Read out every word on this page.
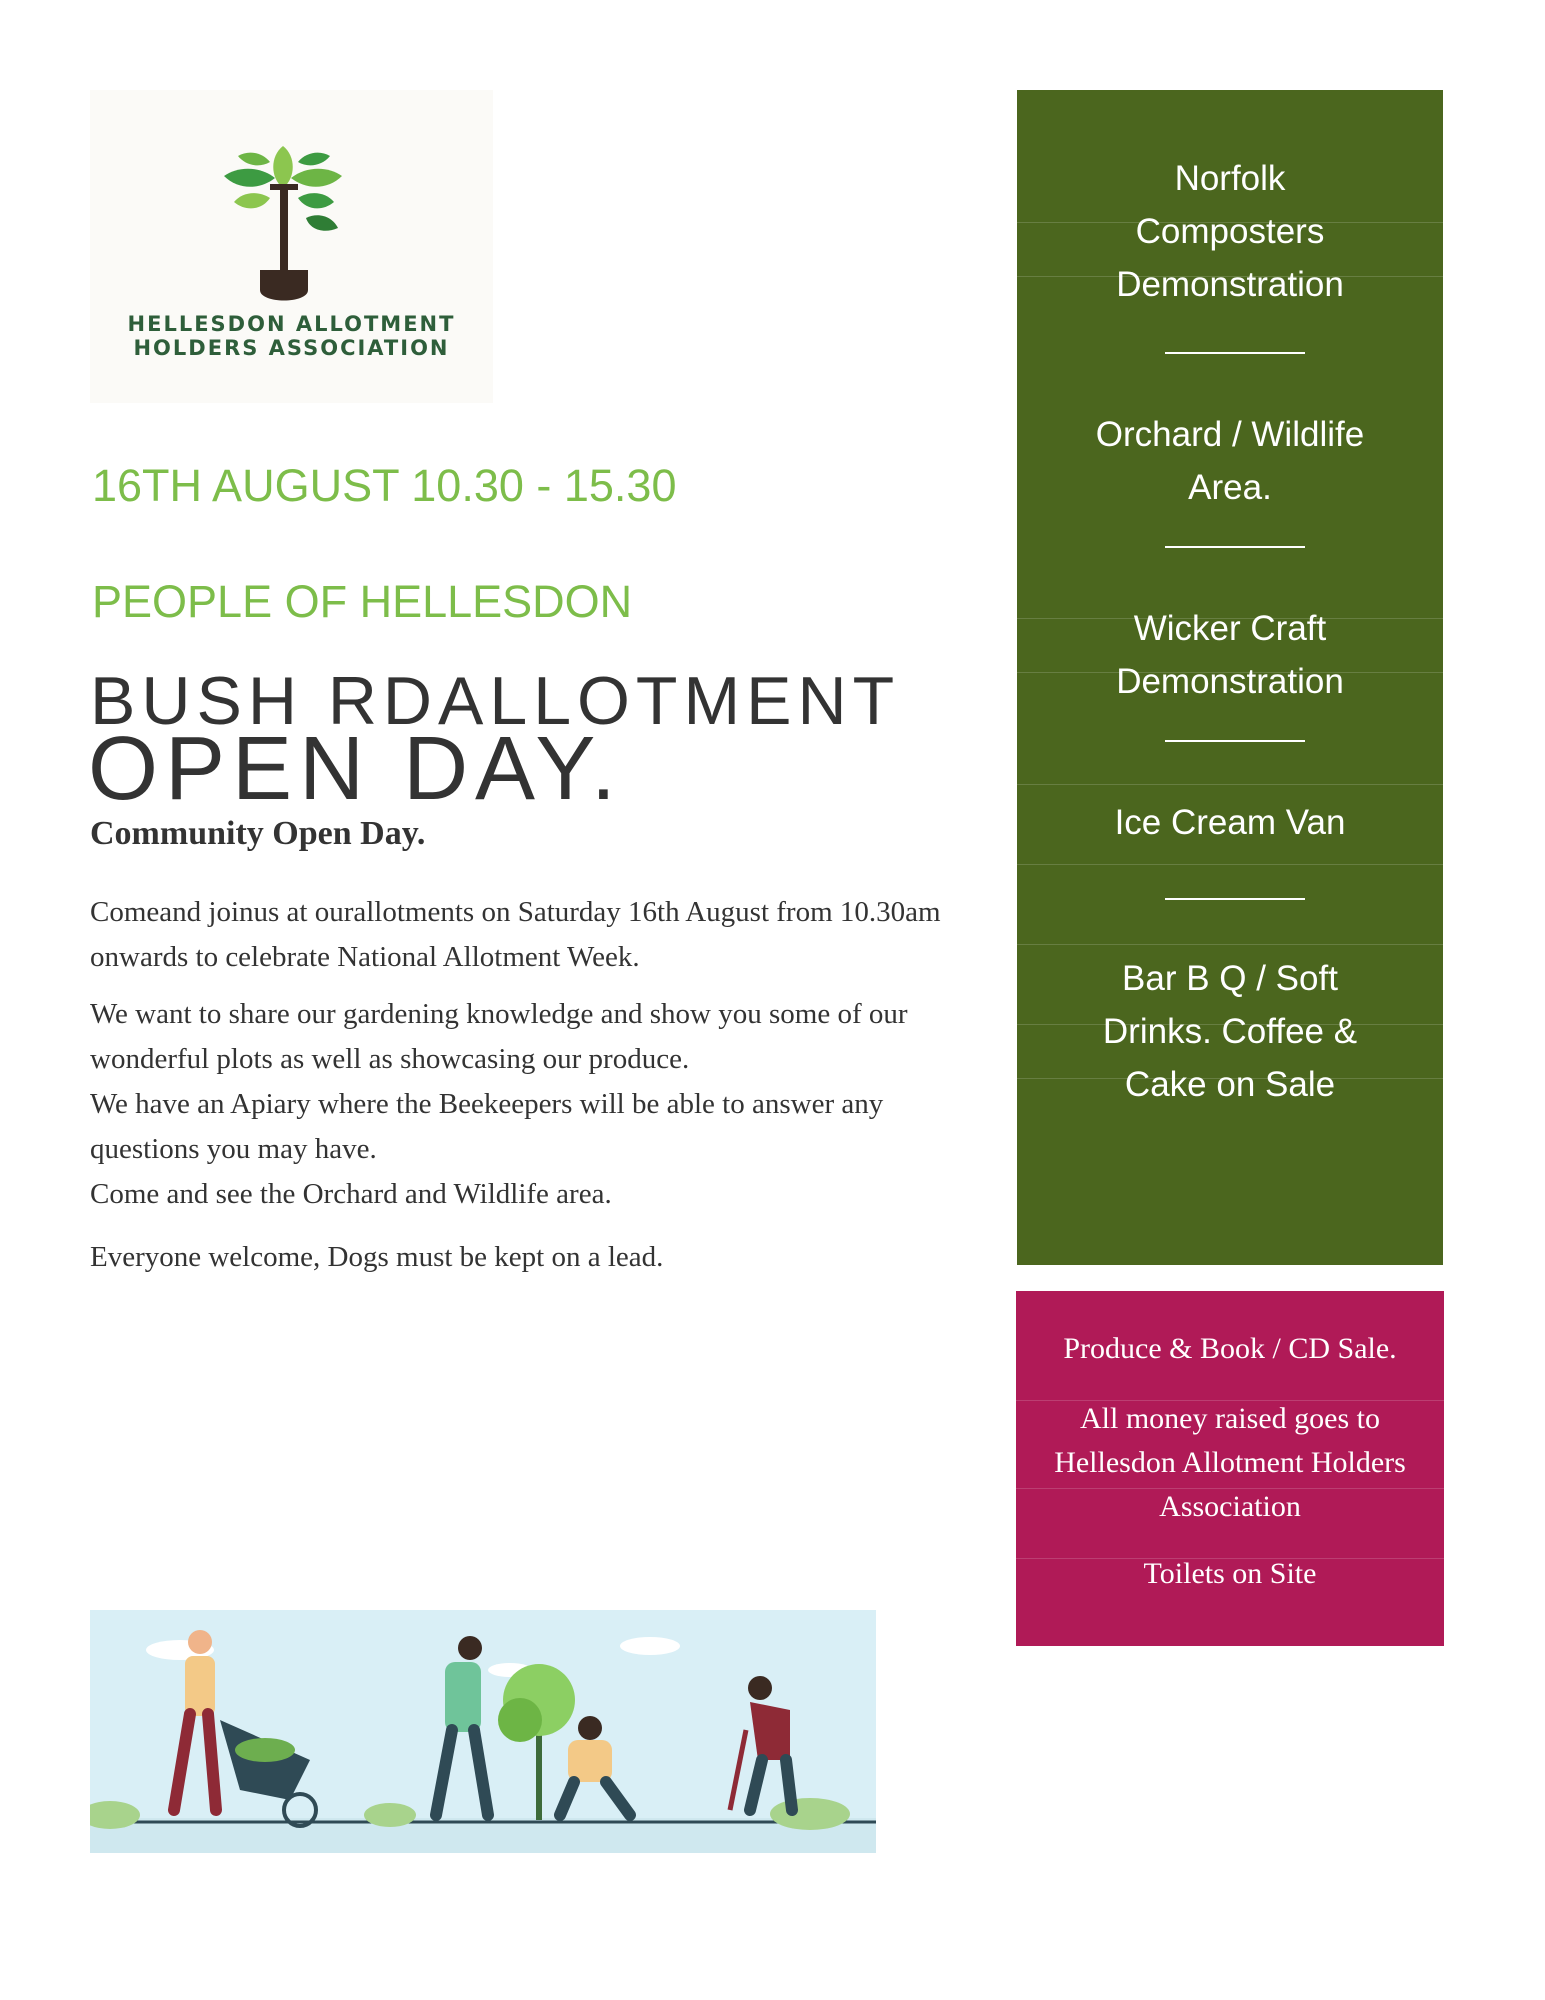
HELLESDON ALLOTMENT
HOLDERS ASSOCIATION
16TH AUGUST 10.30 - 15.30
PEOPLE OF HELLESDON
BUSH RDALLOTMENT
OPEN DAY.
Community Open Day.

Comeand joinus at ourallotments on Saturday 16th August from 10.30am onwards to celebrate National Allotment Week.

We want to share our gardening knowledge and show you some of our wonderful plots as well as showcasing our produce.

We have an Apiary where the Beekeepers will be able to answer any questions you may have.

Come and see the Orchard and Wildlife area.

Everyone welcome, Dogs must be kept on a lead.

Norfolk
Composters
Demonstration
Orchard / Wildlife
Area.
Wicker Craft
Demonstration
Ice Cream Van
Bar B Q / Soft
Drinks. Coffee &
Cake on Sale
Produce & Book / CD Sale.
All money raised goes to
Hellesdon Allotment Holders
Association
Toilets on Site
